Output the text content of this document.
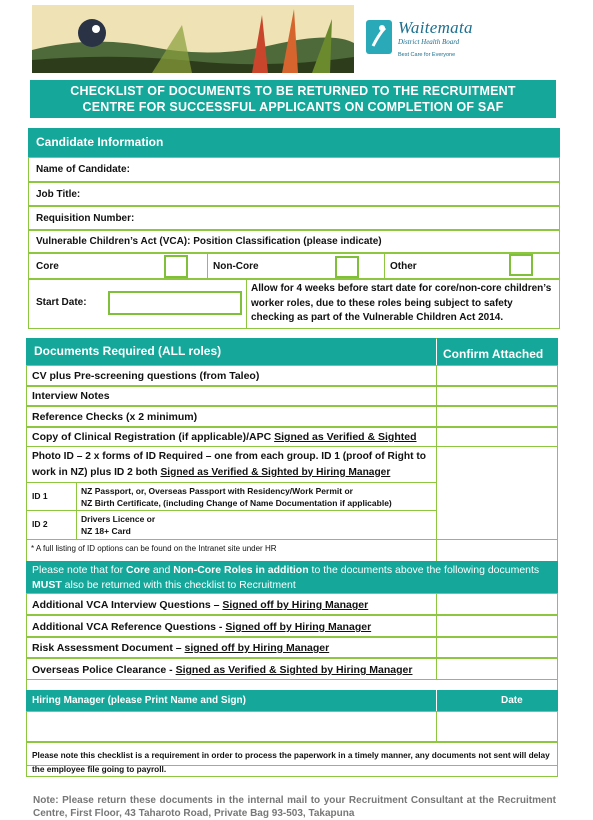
Waitemata
District Health Board
Best Care for Everyone
CHECKLIST OF DOCUMENTS TO BE RETURNED TO THE RECRUITMENT
CENTRE FOR SUCCESSFUL APPLICANTS ON COMPLETION OF SAF
Candidate Information
Name of Candidate:
Job Title:
Requisition Number:
Vulnerable Children’s Act (VCA): Position Classification (please indicate)
Core	Non-Core	Other
Start Date:
Allow for 4 weeks before start date for core/non-core children’s worker roles, due to these roles being subject to safety checking as part of the Vulnerable Children Act 2014.
Documents Required (ALL roles)	Confirm Attached
CV plus Pre-screening questions (from Taleo)
Interview Notes
Reference Checks (x 2 minimum)
Copy of Clinical Registration (if applicable)/APC Signed as Verified & Sighted
Photo ID – 2 x forms of ID Required – one from each group. ID 1 (proof of Right to work in NZ) plus ID 2 both Signed as Verified & Sighted by Hiring Manager
ID 1	NZ Passport, or, Overseas Passport with Residency/Work Permit or
NZ Birth Certificate, (including Change of Name Documentation if applicable)
ID 2	Drivers Licence or
NZ 18+ Card
* A full listing of ID options can be found on the Intranet site under HR
Please note that for Core and Non-Core Roles in addition to the documents above the following documents MUST also be returned with this checklist to Recruitment
Additional VCA Interview Questions – Signed off by Hiring Manager
Additional VCA Reference Questions - Signed off by Hiring Manager
Risk Assessment Document – signed off by Hiring Manager
Overseas Police Clearance - Signed as Verified & Sighted by Hiring Manager
Hiring Manager (please Print Name and Sign)	Date
Please note this checklist is a requirement in order to process the paperwork in a timely manner, any documents not sent will delay the employee file going to payroll.
Note: Please return these documents in the internal mail to your Recruitment Consultant at the Recruitment Centre, First Floor, 43 Taharoto Road, Private Bag 93-503, Takapuna
